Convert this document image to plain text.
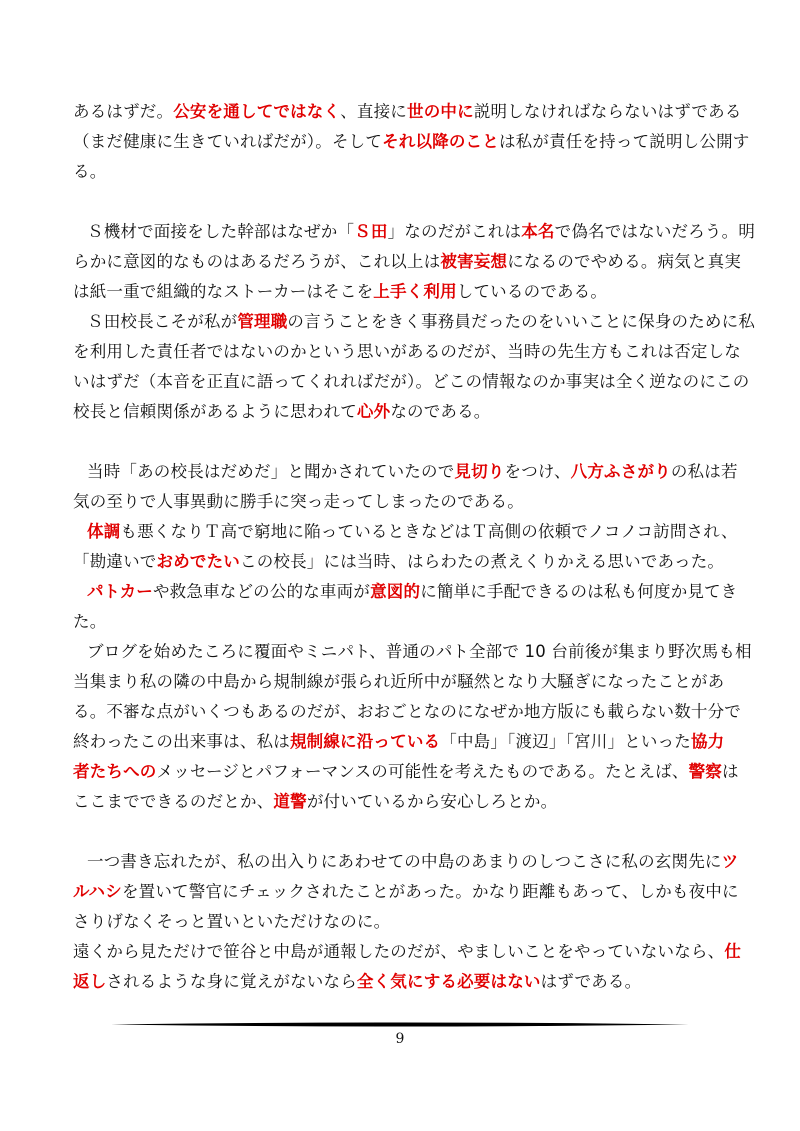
あるはずだ。公安を通してではなく、直接に世の中に説明しなければならないはずである
（まだ健康に生きていればだが）。そしてそれ以降のことは私が責任を持って説明し公開す
る。
Ｓ機材で面接をした幹部はなぜか「Ｓ田」なのだがこれは本名で偽名ではないだろう。明
らかに意図的なものはあるだろうが、これ以上は被害妄想になるのでやめる。病気と真実
は紙一重で組織的なストーカーはそこを上手く利用しているのである。
Ｓ田校長こそが私が管理職の言うことをきく事務員だったのをいいことに保身のために私
を利用した責任者ではないのかという思いがあるのだが、当時の先生方もこれは否定しな
いはずだ（本音を正直に語ってくれればだが）。どこの情報なのか事実は全く逆なのにこの
校長と信頼関係があるように思われて心外なのである。
当時「あの校長はだめだ」と聞かされていたので見切りをつけ、八方ふさがりの私は若
気の至りで人事異動に勝手に突っ走ってしまったのである。
体調も悪くなりＴ高で窮地に陥っているときなどはＴ高側の依頼でノコノコ訪問され、
「勘違いでおめでたいこの校長」には当時、はらわたの煮えくりかえる思いであった。
パトカーや救急車などの公的な車両が意図的に簡単に手配できるのは私も何度か見てき
た。
ブログを始めたころに覆面やミニパト、普通のパト全部で 10 台前後が集まり野次馬も相
当集まり私の隣の中島から規制線が張られ近所中が騒然となり大騒ぎになったことがあ
る。不審な点がいくつもあるのだが、おおごとなのになぜか地方版にも載らない数十分で
終わったこの出来事は、私は規制線に沿っている「中島」「渡辺」「宮川」といった協力
者たちへのメッセージとパフォーマンスの可能性を考えたものである。たとえば、警察は
ここまでできるのだとか、道警が付いているから安心しろとか。
一つ書き忘れたが、私の出入りにあわせての中島のあまりのしつこさに私の玄関先にツ
ルハシを置いて警官にチェックされたことがあった。かなり距離もあって、しかも夜中に
さりげなくそっと置いといただけなのに。
遠くから見ただけで笹谷と中島が通報したのだが、やましいことをやっていないなら、仕
返しされるような身に覚えがないなら全く気にする必要はないはずである。
9
